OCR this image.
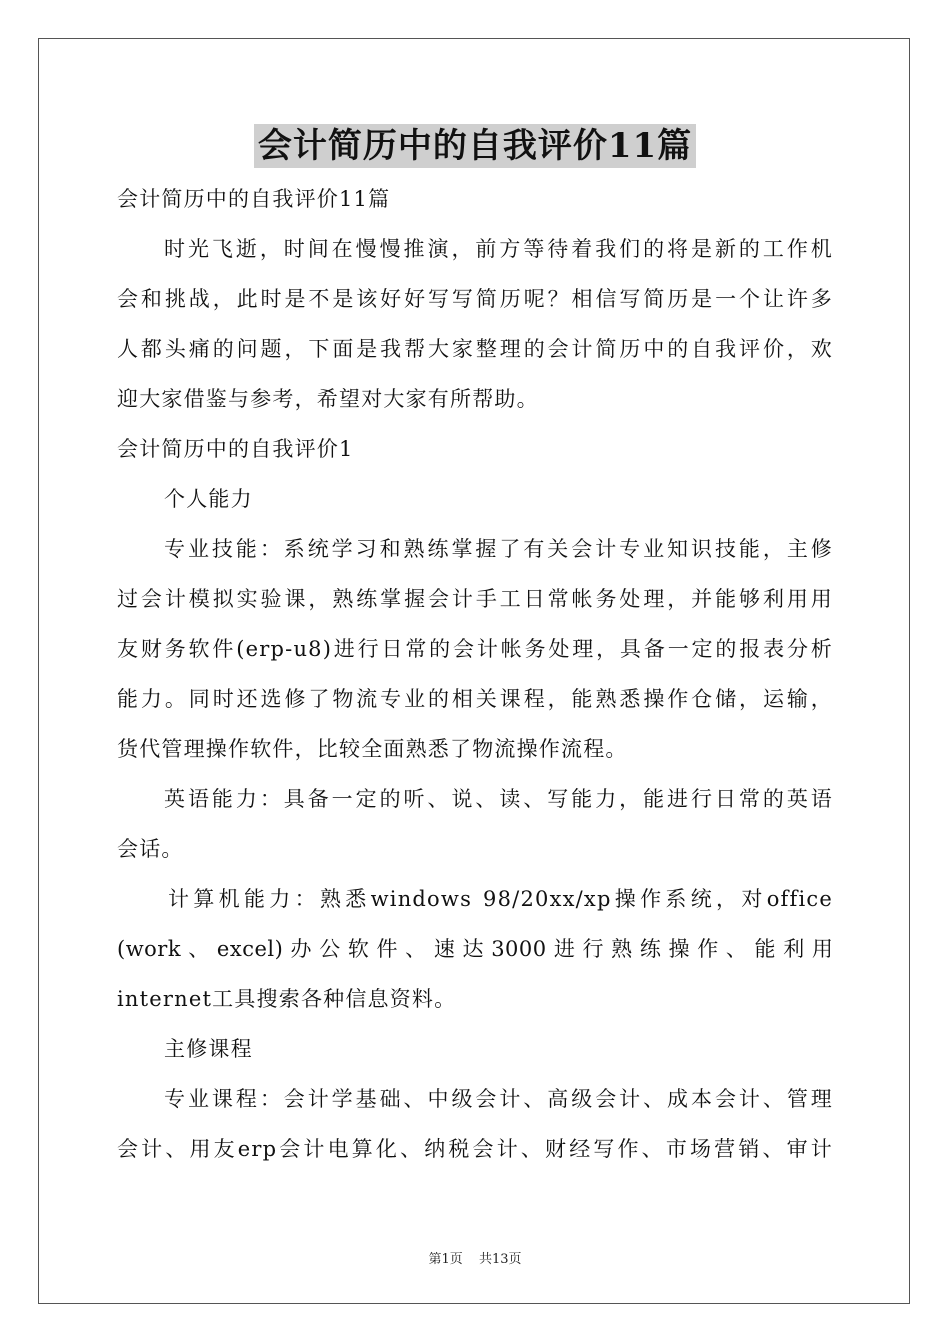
会计简历中的自我评价11篇
会计简历中的自我评价11篇
时光飞逝，时间在慢慢推演，前方等待着我们的将是新的工作机
会和挑战，此时是不是该好好写写简历呢？相信写简历是一个让许多
人都头痛的问题，下面是我帮大家整理的会计简历中的自我评价，欢
迎大家借鉴与参考，希望对大家有所帮助。
会计简历中的自我评价1
个人能力
专业技能：系统学习和熟练掌握了有关会计专业知识技能，主修
过会计模拟实验课，熟练掌握会计手工日常帐务处理，并能够利用用
友财务软件(erp-u8)进行日常的会计帐务处理，具备一定的报表分析
能力。同时还选修了物流专业的相关课程，能熟悉操作仓储，运输，
货代管理操作软件，比较全面熟悉了物流操作流程。
英语能力：具备一定的听、说、读、写能力，能进行日常的英语
会话。
计算机能力：熟悉windows 98/20xx/xp操作系统，对office
(work 、 excel) 办 公 软 件 、 速 达 3000 进 行 熟 练 操 作 、 能 利 用
internet工具搜索各种信息资料。
主修课程
专业课程：会计学基础、中级会计、高级会计、成本会计、管理
会计、用友erp会计电算化、纳税会计、财经写作、市场营销、审计
第1页 共13页
